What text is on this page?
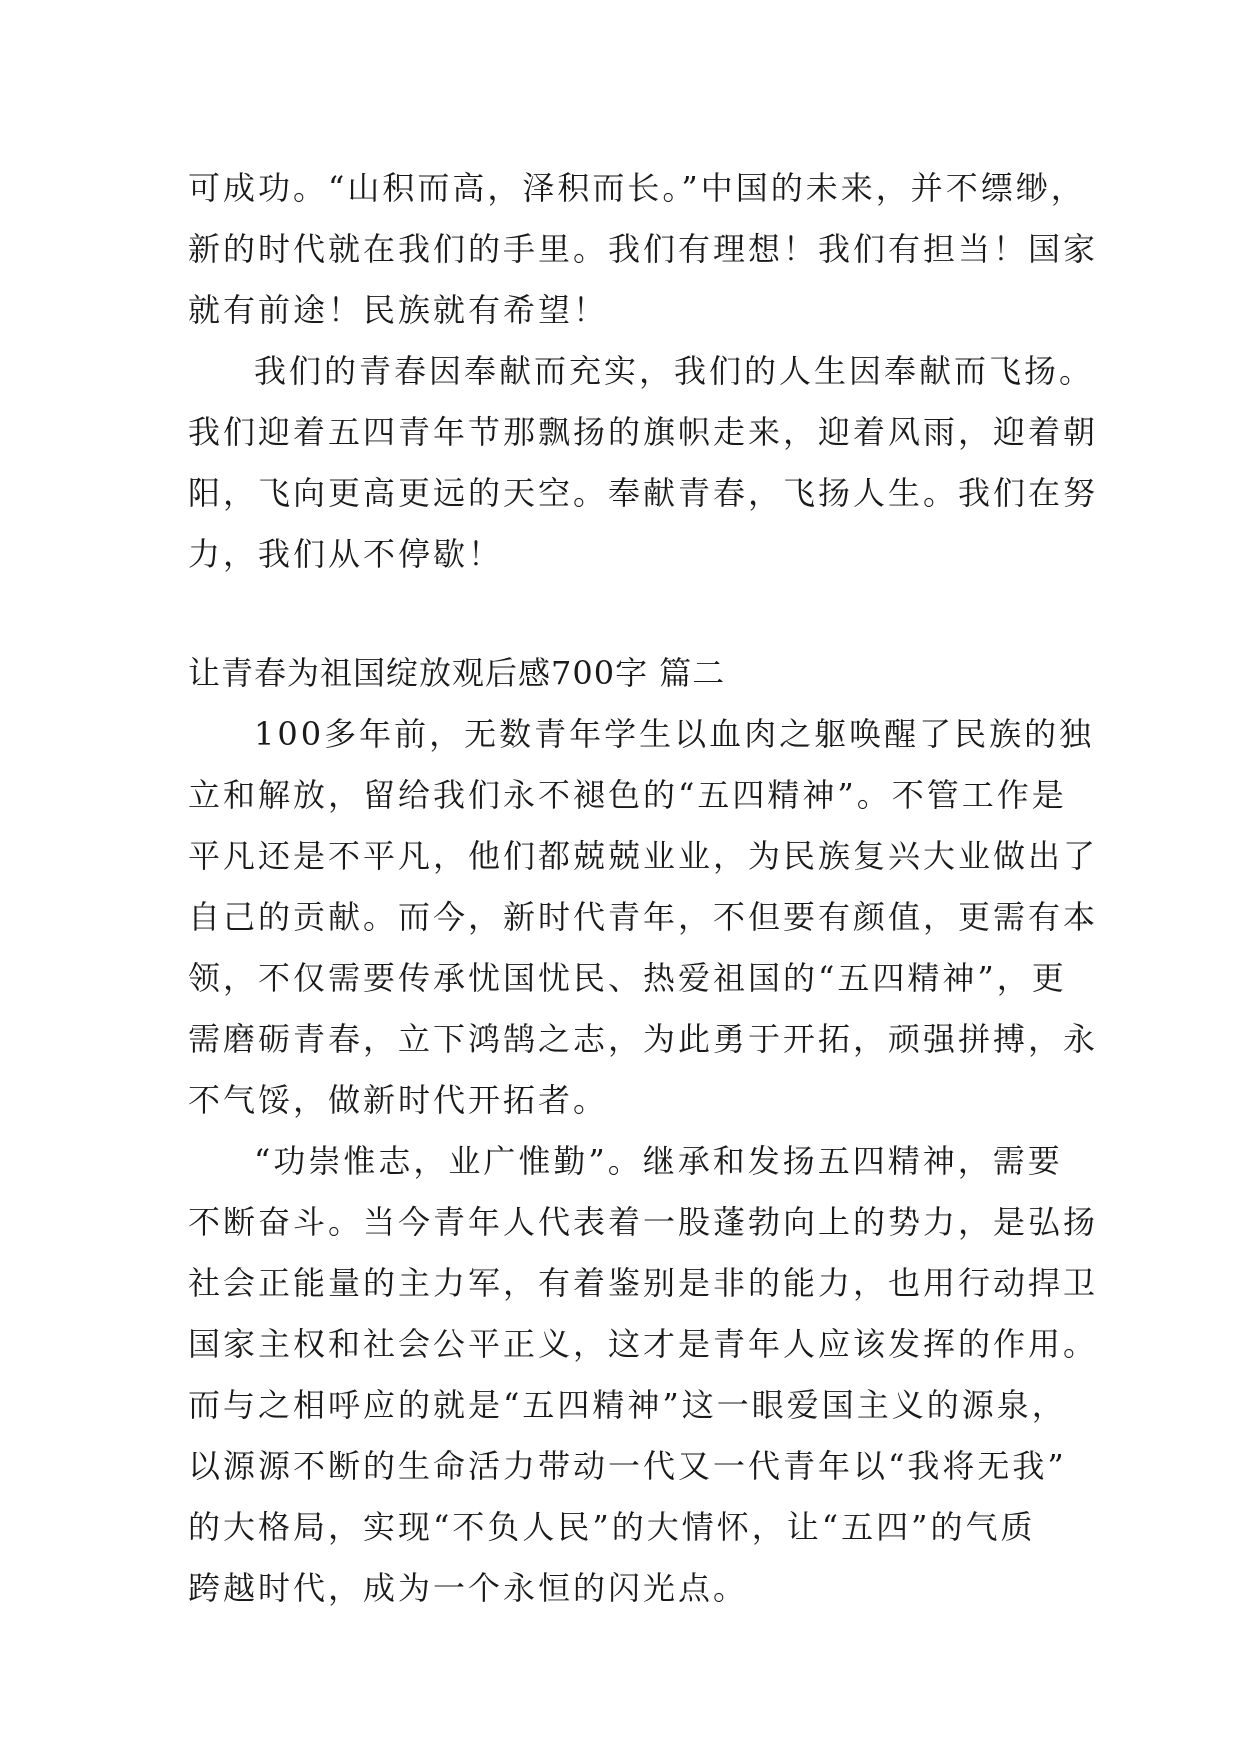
可成功。“山积而高，泽积而长。”中国的未来，并不缥缈，
新的时代就在我们的手里。我们有理想！我们有担当！国家
就有前途！民族就有希望！
我们的青春因奉献而充实，我们的人生因奉献而飞扬。
我们迎着五四青年节那飘扬的旗帜走来，迎着风雨，迎着朝
阳，飞向更高更远的天空。奉献青春，飞扬人生。我们在努
力，我们从不停歇！
让青春为祖国绽放观后感700字 篇二
100多年前，无数青年学生以血肉之躯唤醒了民族的独
立和解放，留给我们永不褪色的“五四精神”。不管工作是
平凡还是不平凡，他们都兢兢业业，为民族复兴大业做出了
自己的贡献。而今，新时代青年，不但要有颜值，更需有本
领，不仅需要传承忧国忧民、热爱祖国的“五四精神”，更
需磨砺青春，立下鸿鹄之志，为此勇于开拓，顽强拼搏，永
不气馁，做新时代开拓者。
“功崇惟志，业广惟勤”。继承和发扬五四精神，需要
不断奋斗。当今青年人代表着一股蓬勃向上的势力，是弘扬
社会正能量的主力军，有着鉴别是非的能力，也用行动捍卫
国家主权和社会公平正义，这才是青年人应该发挥的作用。
而与之相呼应的就是“五四精神”这一眼爱国主义的源泉，
以源源不断的生命活力带动一代又一代青年以“我将无我”
的大格局，实现“不负人民”的大情怀，让“五四”的气质
跨越时代，成为一个永恒的闪光点。
